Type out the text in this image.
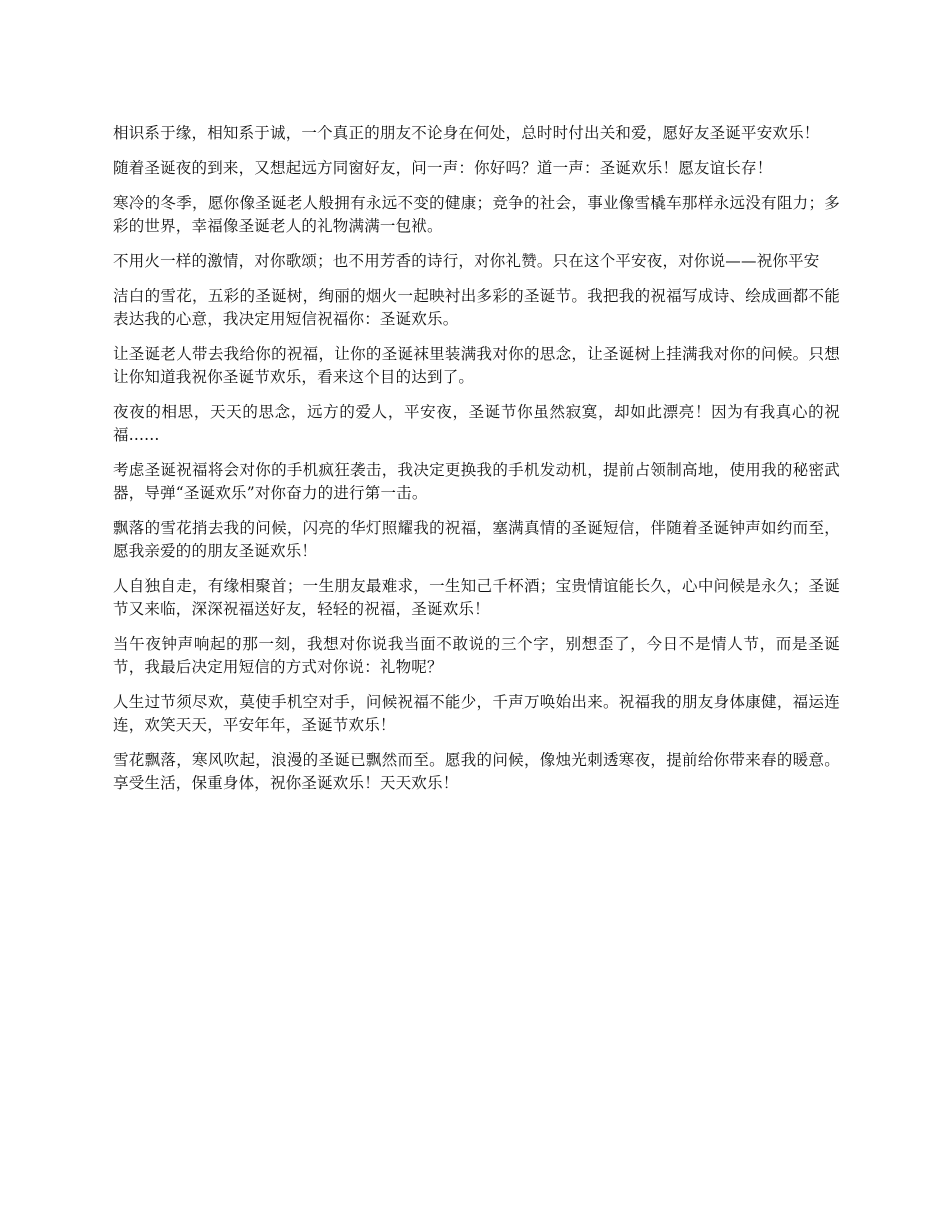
相识系于缘，相知系于诚，一个真正的朋友不论身在何处，总时时付出关和爱，愿好友圣诞平安欢乐！

随着圣诞夜的到来，又想起远方同窗好友，问一声：你好吗？道一声：圣诞欢乐！愿友谊长存！

寒冷的冬季，愿你像圣诞老人般拥有永远不变的健康；竞争的社会，事业像雪橇车那样永远没有阻力；多彩的世界，幸福像圣诞老人的礼物满满一包袱。

不用火一样的激情，对你歌颂；也不用芳香的诗行，对你礼赞。只在这个平安夜，对你说——祝你平安

洁白的雪花，五彩的圣诞树，绚丽的烟火一起映衬出多彩的圣诞节。我把我的祝福写成诗、绘成画都不能表达我的心意，我决定用短信祝福你：圣诞欢乐。

让圣诞老人带去我给你的祝福，让你的圣诞袜里装满我对你的思念，让圣诞树上挂满我对你的问候。只想让你知道我祝你圣诞节欢乐，看来这个目的达到了。

夜夜的相思，天天的思念，远方的爱人，平安夜，圣诞节你虽然寂寞，却如此漂亮！因为有我真心的祝福......

考虑圣诞祝福将会对你的手机疯狂袭击，我决定更换我的手机发动机，提前占领制高地，使用我的秘密武器，导弹“圣诞欢乐”对你奋力的进行第一击。

飘落的雪花捎去我的问候，闪亮的华灯照耀我的祝福，塞满真情的圣诞短信，伴随着圣诞钟声如约而至，愿我亲爱的的朋友圣诞欢乐！

人自独自走，有缘相聚首；一生朋友最难求，一生知己千杯酒；宝贵情谊能长久，心中问候是永久；圣诞节又来临，深深祝福送好友，轻轻的祝福，圣诞欢乐！

当午夜钟声响起的那一刻，我想对你说我当面不敢说的三个字，别想歪了，今日不是情人节，而是圣诞节，我最后决定用短信的方式对你说：礼物呢？

人生过节须尽欢，莫使手机空对手，问候祝福不能少，千声万唤始出来。祝福我的朋友身体康健，福运连连，欢笑天天，平安年年，圣诞节欢乐！

雪花飘落，寒风吹起，浪漫的圣诞已飘然而至。愿我的问候，像烛光刺透寒夜，提前给你带来春的暖意。享受生活，保重身体，祝你圣诞欢乐！天天欢乐！
